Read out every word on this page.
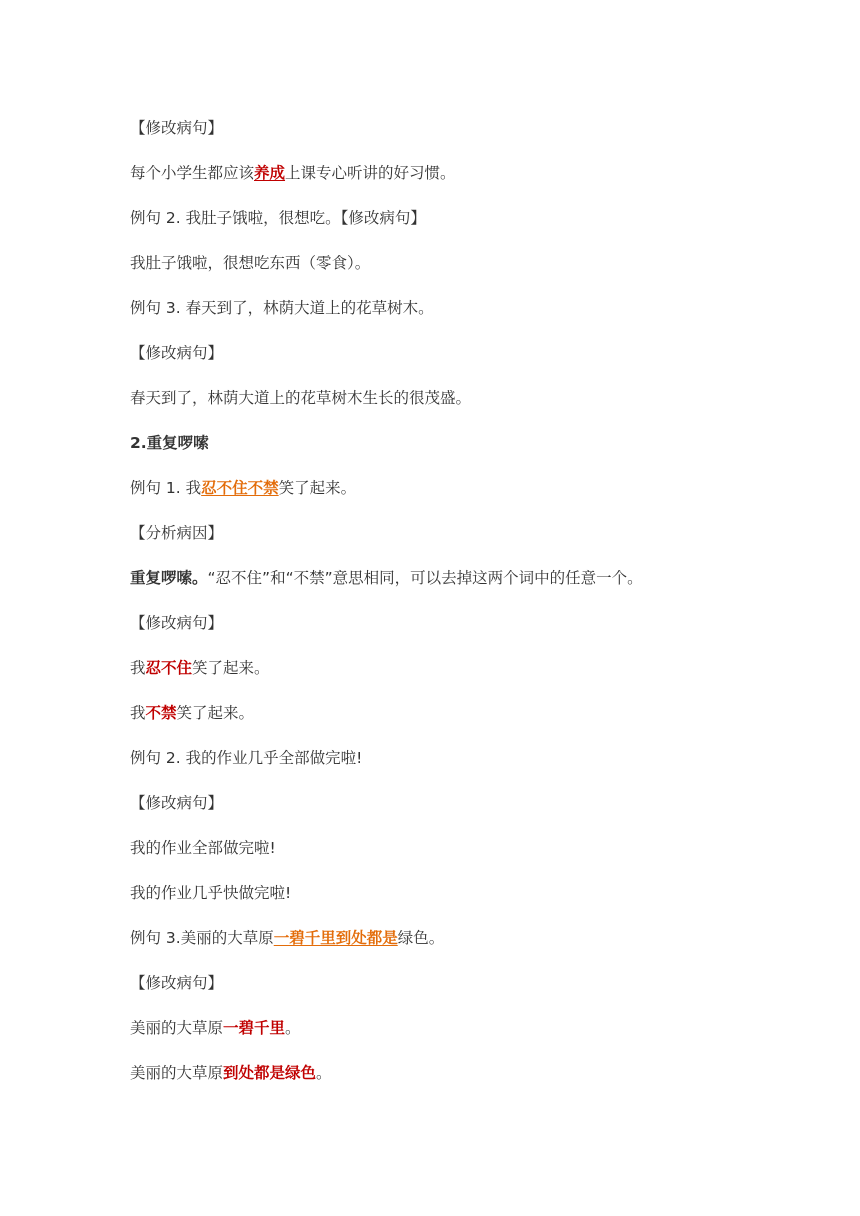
【修改病句】
每个小学生都应该养成上课专心听讲的好习惯。
例句 2. 我肚子饿啦，很想吃。【修改病句】
我肚子饿啦，很想吃东西（零食）。
例句 3. 春天到了，林荫大道上的花草树木。
【修改病句】
春天到了，林荫大道上的花草树木生长的很茂盛。
2.重复啰嗦
例句 1. 我忍不住不禁笑了起来。
【分析病因】
重复啰嗦。“忍不住”和“不禁”意思相同，可以去掉这两个词中的任意一个。
【修改病句】
我忍不住笑了起来。
我不禁笑了起来。
例句 2. 我的作业几乎全部做完啦!
【修改病句】
我的作业全部做完啦!
我的作业几乎快做完啦!
例句 3.美丽的大草原一碧千里到处都是绿色。
【修改病句】
美丽的大草原一碧千里。
美丽的大草原到处都是绿色。
